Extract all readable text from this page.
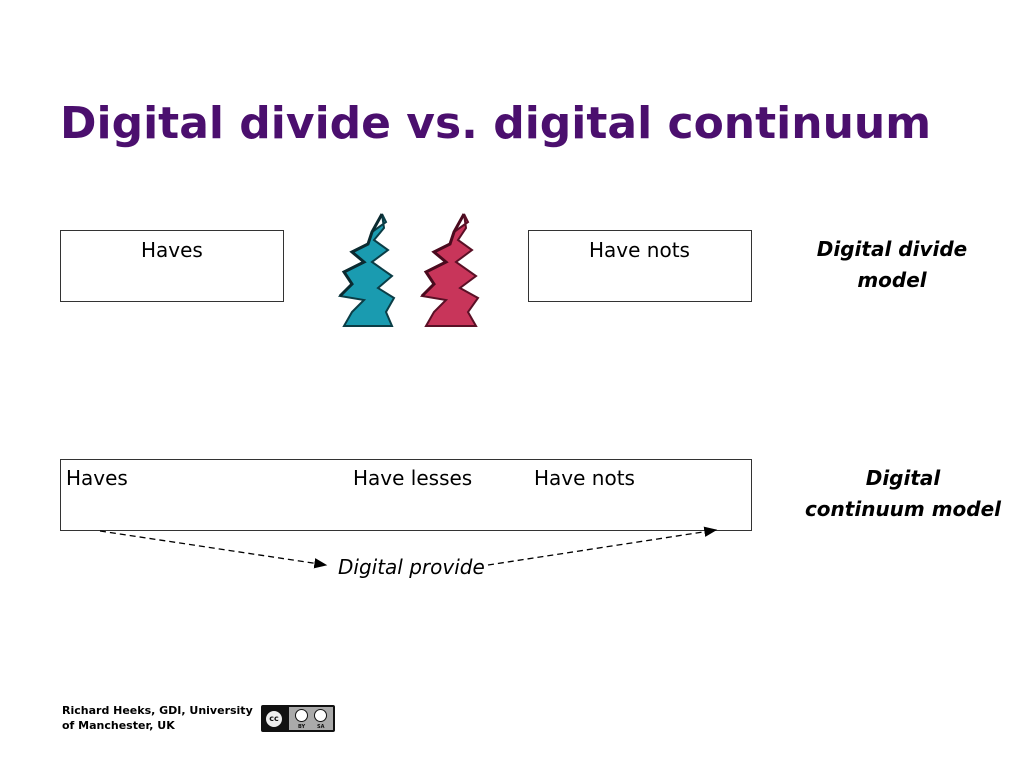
Digital divide vs. digital continuum
Haves	Have nots	Digital divide
model
Haves	Have lesses	Have nots	Digital
continuum model
Digital provide
Richard Heeks, GDI, University
of Manchester, UK
cc
BY SA
